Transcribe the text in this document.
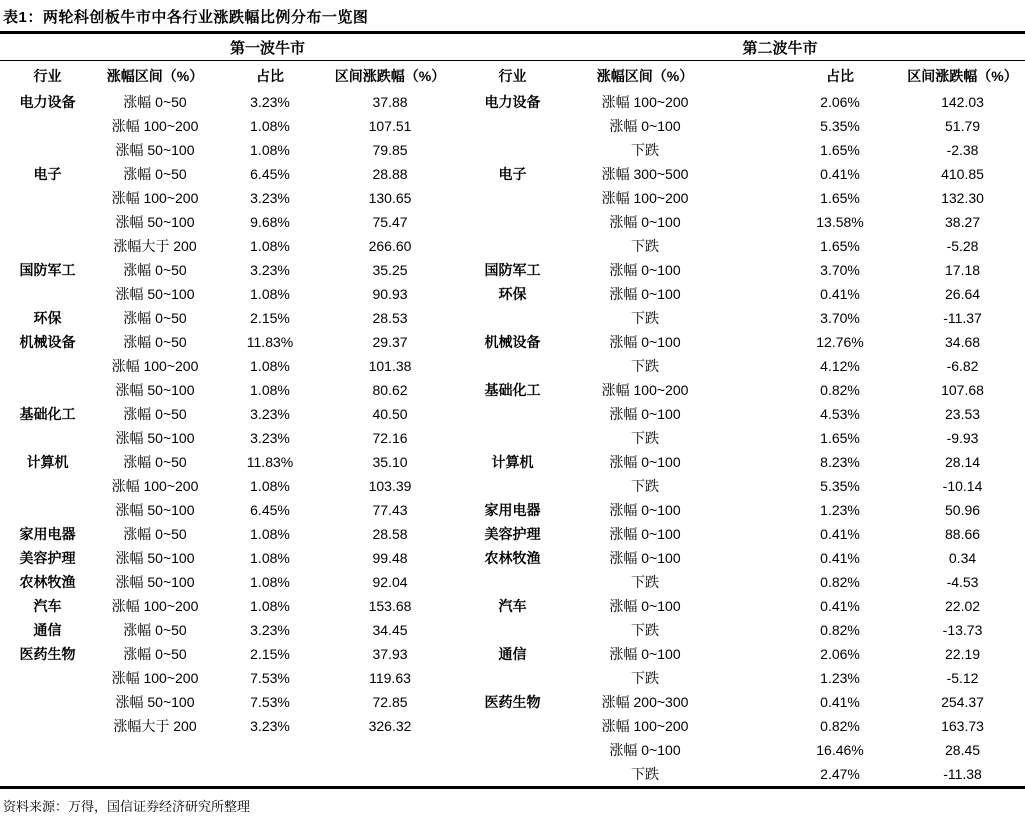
表1：两轮科创板牛市中各行业涨跌幅比例分布一览图
第一波牛市				第二波牛市			
行业	涨幅区间（%）	占比	区间涨跌幅（%）	行业	涨幅区间（%）	占比	区间涨跌幅（%）
电力设备	涨幅 0~50	3.23%	37.88	电力设备	涨幅 100~200	2.06%	142.03
	涨幅 100~200	1.08%	107.51		涨幅 0~100	5.35%	51.79
	涨幅 50~100	1.08%	79.85		下跌	1.65%	-2.38
电子	涨幅 0~50	6.45%	28.88	电子	涨幅 300~500	0.41%	410.85
	涨幅 100~200	3.23%	130.65		涨幅 100~200	1.65%	132.30
	涨幅 50~100	9.68%	75.47		涨幅 0~100	13.58%	38.27
	涨幅大于 200	1.08%	266.60		下跌	1.65%	-5.28
国防军工	涨幅 0~50	3.23%	35.25	国防军工	涨幅 0~100	3.70%	17.18
	涨幅 50~100	1.08%	90.93	环保	涨幅 0~100	0.41%	26.64
环保	涨幅 0~50	2.15%	28.53		下跌	3.70%	-11.37
机械设备	涨幅 0~50	11.83%	29.37	机械设备	涨幅 0~100	12.76%	34.68
	涨幅 100~200	1.08%	101.38		下跌	4.12%	-6.82
	涨幅 50~100	1.08%	80.62	基础化工	涨幅 100~200	0.82%	107.68
基础化工	涨幅 0~50	3.23%	40.50		涨幅 0~100	4.53%	23.53
	涨幅 50~100	3.23%	72.16		下跌	1.65%	-9.93
计算机	涨幅 0~50	11.83%	35.10	计算机	涨幅 0~100	8.23%	28.14
	涨幅 100~200	1.08%	103.39		下跌	5.35%	-10.14
	涨幅 50~100	6.45%	77.43	家用电器	涨幅 0~100	1.23%	50.96
家用电器	涨幅 0~50	1.08%	28.58	美容护理	涨幅 0~100	0.41%	88.66
美容护理	涨幅 50~100	1.08%	99.48	农林牧渔	涨幅 0~100	0.41%	0.34
农林牧渔	涨幅 50~100	1.08%	92.04		下跌	0.82%	-4.53
汽车	涨幅 100~200	1.08%	153.68	汽车	涨幅 0~100	0.41%	22.02
通信	涨幅 0~50	3.23%	34.45		下跌	0.82%	-13.73
医药生物	涨幅 0~50	2.15%	37.93	通信	涨幅 0~100	2.06%	22.19
	涨幅 100~200	7.53%	119.63		下跌	1.23%	-5.12
	涨幅 50~100	7.53%	72.85	医药生物	涨幅 200~300	0.41%	254.37
	涨幅大于 200	3.23%	326.32		涨幅 100~200	0.82%	163.73
					涨幅 0~100	16.46%	28.45
					下跌	2.47%	-11.38
资料来源：万得，国信证券经济研究所整理
